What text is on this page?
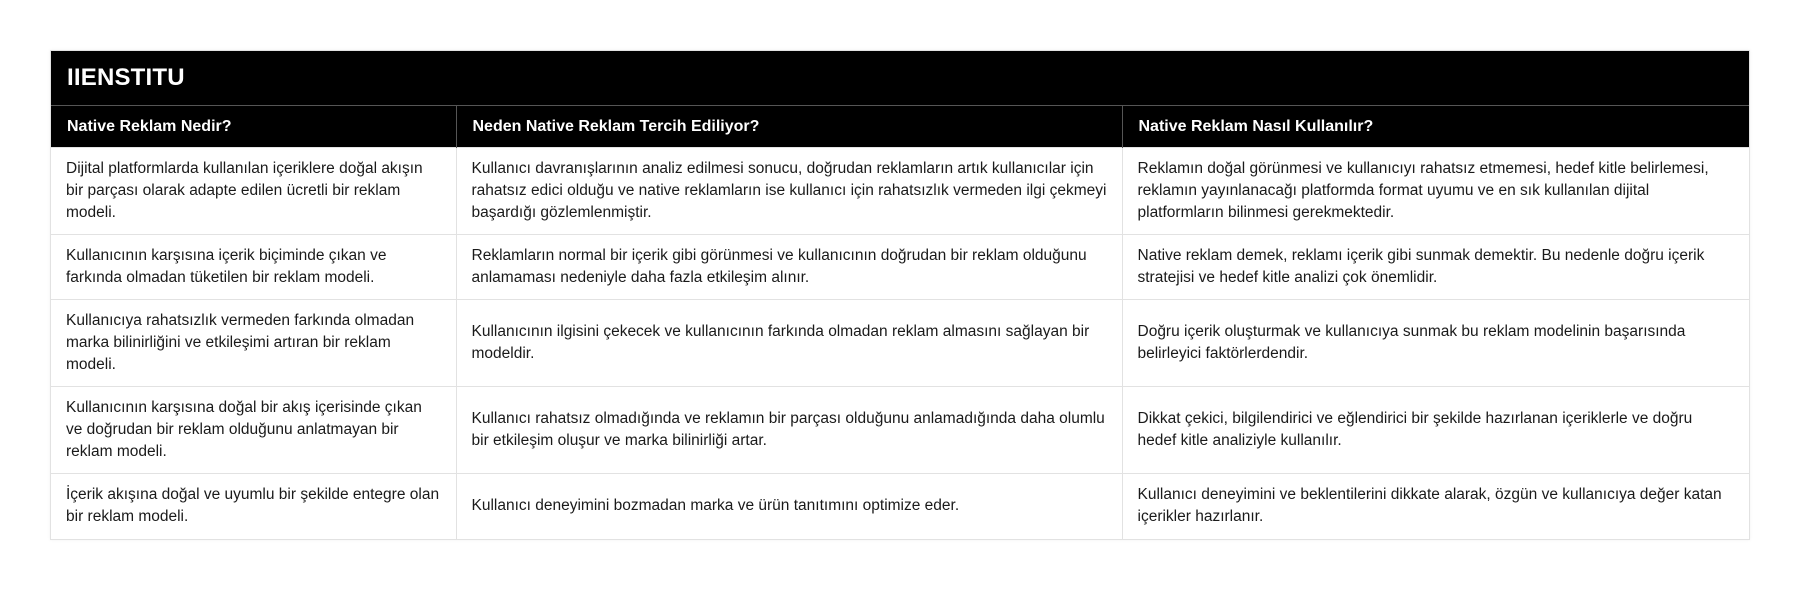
IIENSTITU
Native Reklam Nedir?	Neden Native Reklam Tercih Ediliyor?	Native Reklam Nasıl Kullanılır?
Dijital platformlarda kullanılan içeriklere doğal akışın bir parçası olarak adapte edilen ücretli bir reklam modeli.	Kullanıcı davranışlarının analiz edilmesi sonucu, doğrudan reklamların artık kullanıcılar için rahatsız edici olduğu ve native reklamların ise kullanıcı için rahatsızlık vermeden ilgi çekmeyi başardığı gözlemlenmiştir.	Reklamın doğal görünmesi ve kullanıcıyı rahatsız etmemesi, hedef kitle belirlemesi, reklamın yayınlanacağı platformda format uyumu ve en sık kullanılan dijital platformların bilinmesi gerekmektedir.
Kullanıcının karşısına içerik biçiminde çıkan ve farkında olmadan tüketilen bir reklam modeli.	Reklamların normal bir içerik gibi görünmesi ve kullanıcının doğrudan bir reklam olduğunu anlamaması nedeniyle daha fazla etkileşim alınır.	Native reklam demek, reklamı içerik gibi sunmak demektir. Bu nedenle doğru içerik stratejisi ve hedef kitle analizi çok önemlidir.
Kullanıcıya rahatsızlık vermeden farkında olmadan marka bilinirliğini ve etkileşimi artıran bir reklam modeli.	Kullanıcının ilgisini çekecek ve kullanıcının farkında olmadan reklam almasını sağlayan bir modeldir.	Doğru içerik oluşturmak ve kullanıcıya sunmak bu reklam modelinin başarısında belirleyici faktörlerdendir.
Kullanıcının karşısına doğal bir akış içerisinde çıkan ve doğrudan bir reklam olduğunu anlatmayan bir reklam modeli.	Kullanıcı rahatsız olmadığında ve reklamın bir parçası olduğunu anlamadığında daha olumlu bir etkileşim oluşur ve marka bilinirliği artar.	Dikkat çekici, bilgilendirici ve eğlendirici bir şekilde hazırlanan içeriklerle ve doğru hedef kitle analiziyle kullanılır.
İçerik akışına doğal ve uyumlu bir şekilde entegre olan bir reklam modeli.	Kullanıcı deneyimini bozmadan marka ve ürün tanıtımını optimize eder.	Kullanıcı deneyimini ve beklentilerini dikkate alarak, özgün ve kullanıcıya değer katan içerikler hazırlanır.
